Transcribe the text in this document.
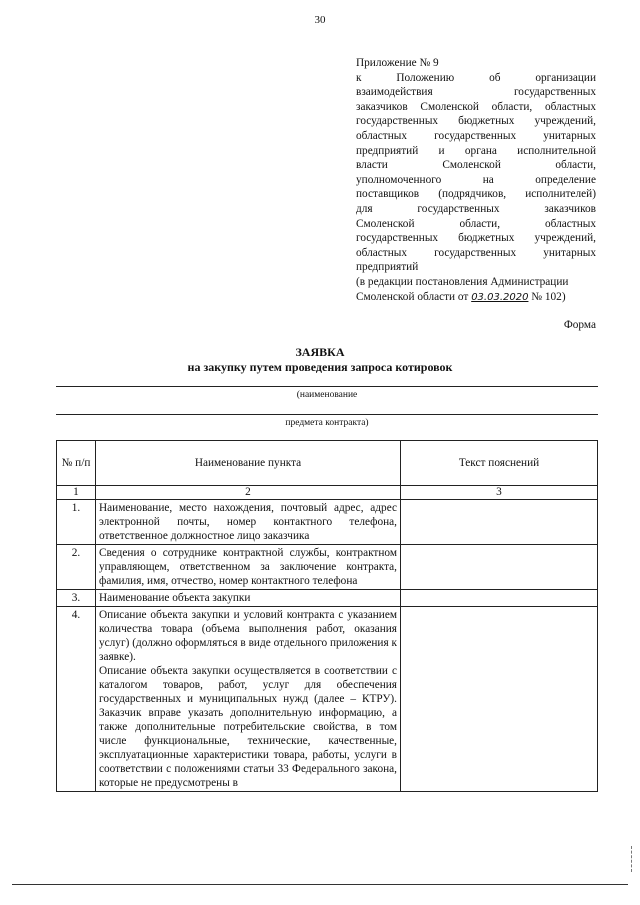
30

Приложение № 9

к Положению об организации

взаимодействия государственных

заказчиков Смоленской области, областных

государственных бюджетных учреждений,

областных государственных унитарных

предприятий и органа исполнительной

власти Смоленской области,

уполномоченного на определение

поставщиков (подрядчиков, исполнителей)

для государственных заказчиков

Смоленской области, областных

государственных бюджетных учреждений,

областных государственных унитарных

предприятий

(в редакции постановления Администрации

Смоленской области от 03.03.2020 № 102)

Форма
ЗАЯВКА
на закупку путем проведения запроса котировок
(наименование
предмета контракта)
№ п/п	Наименование пункта	Текст пояснений
1	2	3
1.	Наименование, место нахождения, почтовый адрес, адрес электронной почты, номер контактного телефона, ответственное должностное лицо заказчика	
2.	Сведения о сотруднике контрактной службы, контрактном управляющем, ответственном за заключение контракта, фамилия, имя, отчество, номер контактного телефона	
3.	Наименование объекта закупки	
4.	Описание объекта закупки и условий контракта с указанием количества товара (объема выполнения работ, оказания услуг) (должно оформляться в виде отдельного приложения к заявке).
Описание объекта закупки осуществляется в соответствии с каталогом товаров, работ, услуг для обеспечения государственных и муниципальных нужд (далее – КТРУ). Заказчик вправе указать дополнительную информацию, а также дополнительные потребительские свойства, в том числе функциональные, технические, качественные, эксплуатационные характеристики товара, работы, услуги в соответствии с положениями статьи 33 Федерального закона, которые не предусмотрены в	
